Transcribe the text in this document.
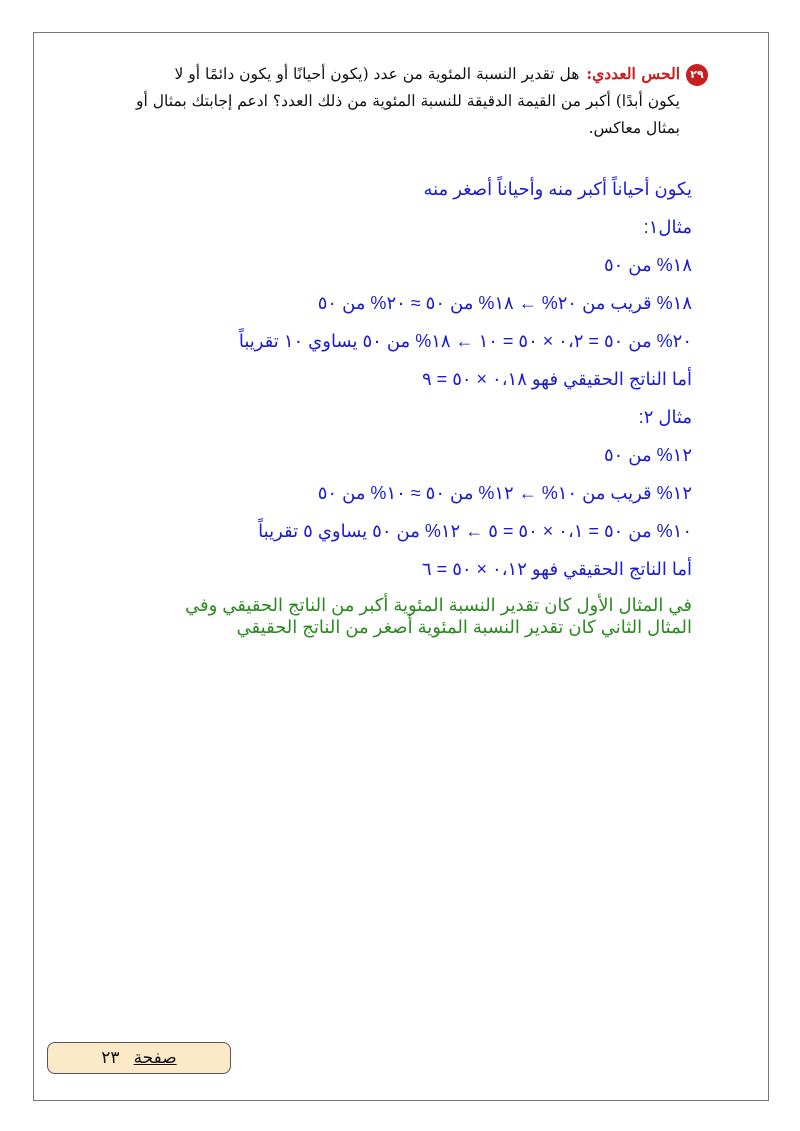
٢٩الحس العددي: هل تقدير النسبة المئوية من عدد (يكون أحيانًا أو يكون دائمًا أو لا
يكون أبدًا) أكبر من القيمة الدقيقة للنسبة المئوية من ذلك العدد؟ ادعم إجابتك بمثال أو
بمثال معاكس.
يكون أحياناً أكبر منه وأحياناً أصغر منه
مثال١:
١٨% من ٥٠
١٨% قريب من ٢٠% ← ١٨% من ٥٠ ≈ ٢٠% من ٥٠
٢٠% من ٥٠ = ٠،٢ × ٥٠ = ١٠ ← ١٨% من ٥٠ يساوي ١٠ تقريباً
أما الناتج الحقيقي فهو ٠،١٨ × ٥٠ = ٩
مثال ٢:
١٢% من ٥٠
١٢% قريب من ١٠% ← ١٢% من ٥٠ ≈ ١٠% من ٥٠
١٠% من ٥٠ = ٠،١ × ٥٠ = ٥ ← ١٢% من ٥٠ يساوي ٥ تقريباً
أما الناتج الحقيقي فهو ٠،١٢ × ٥٠ = ٦
في المثال الأول كان تقدير النسبة المئوية أكبر من الناتج الحقيقي وفي
المثال الثاني كان تقدير النسبة المئوية أصغر من الناتج الحقيقي
صفحة٢٣
